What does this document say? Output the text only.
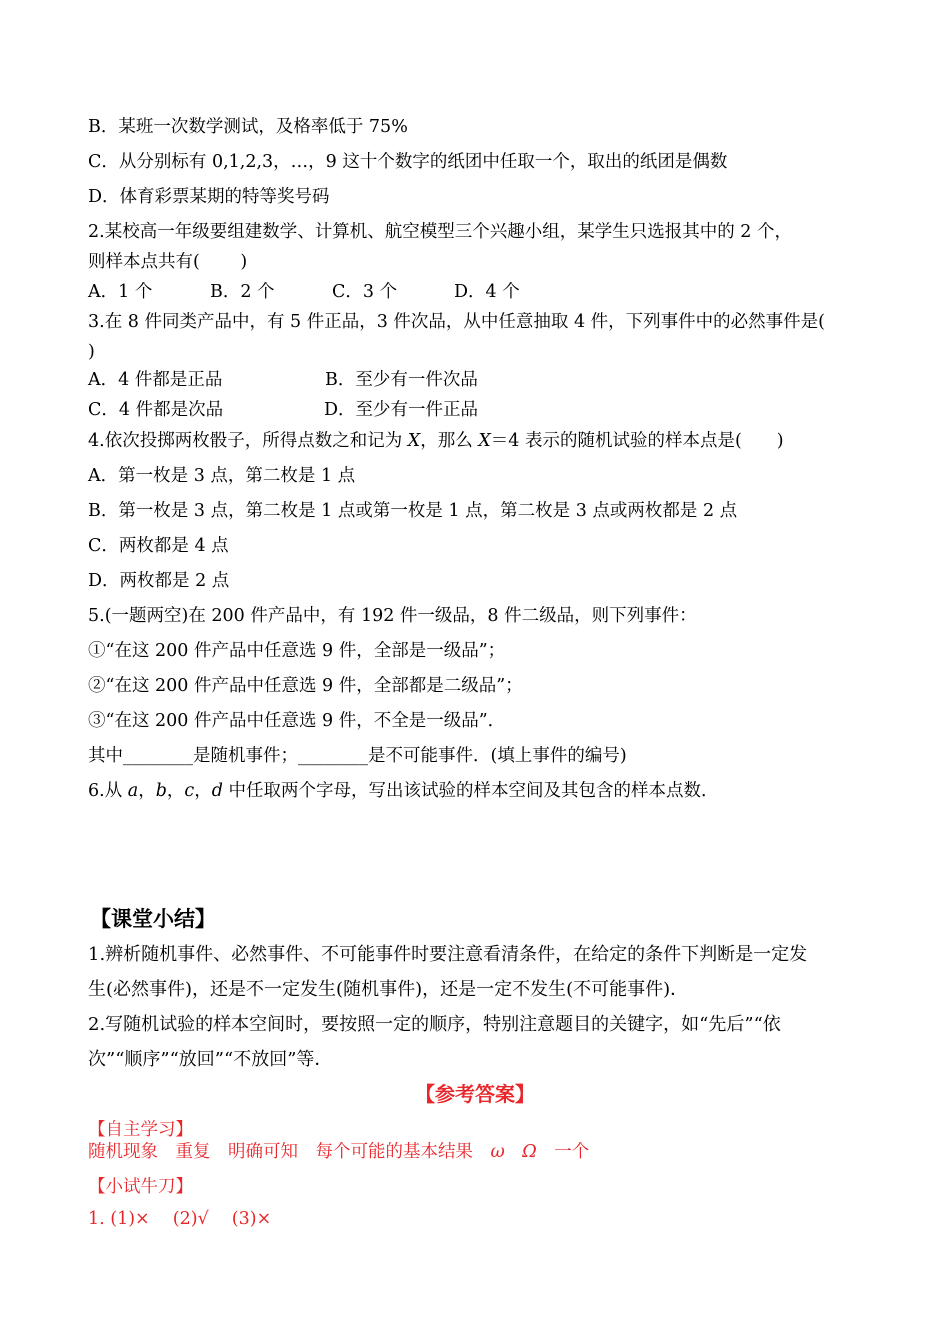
B．某班一次数学测试，及格率低于 75%
C．从分别标有 0,1,2,3，…，9 这十个数字的纸团中任取一个，取出的纸团是偶数
D．体育彩票某期的特等奖号码
2.某校高一年级要组建数学、计算机、航空模型三个兴趣小组，某学生只选报其中的 2 个，
则样本点共有(　　 )
A．1 个	B．2 个	C．3 个	D．4 个
3.在 8 件同类产品中，有 5 件正品，3 件次品，从中任意抽取 4 件，下列事件中的必然事件是(
)
A．4 件都是正品	B．至少有一件次品
C．4 件都是次品	D．至少有一件正品
4.依次投掷两枚骰子，所得点数之和记为 X，那么 X＝4 表示的随机试验的样本点是(　　)
A．第一枚是 3 点，第二枚是 1 点
B．第一枚是 3 点，第二枚是 1 点或第一枚是 1 点，第二枚是 3 点或两枚都是 2 点
C．两枚都是 4 点
D．两枚都是 2 点
5.(一题两空)在 200 件产品中，有 192 件一级品，8 件二级品，则下列事件：
①“在这 200 件产品中任意选 9 件，全部是一级品”；
②“在这 200 件产品中任意选 9 件，全部都是二级品”；
③“在这 200 件产品中任意选 9 件，不全是一级品”．
其中________是随机事件；________是不可能事件．(填上事件的编号)
6.从 a，b，c，d 中任取两个字母，写出该试验的样本空间及其包含的样本点数．
【课堂小结】
1.辨析随机事件、必然事件、不可能事件时要注意看清条件，在给定的条件下判断是一定发
生(必然事件)，还是不一定发生(随机事件)，还是一定不发生(不可能事件)．
2.写随机试验的样本空间时，要按照一定的顺序，特别注意题目的关键字，如“先后”“依
次”“顺序”“放回”“不放回”等．
【参考答案】
【自主学习】
随机现象　重复　明确可知　每个可能的基本结果　ω　 Ω　 一个
【小试牛刀】
1. (1)×　 (2)√　 (3)×
